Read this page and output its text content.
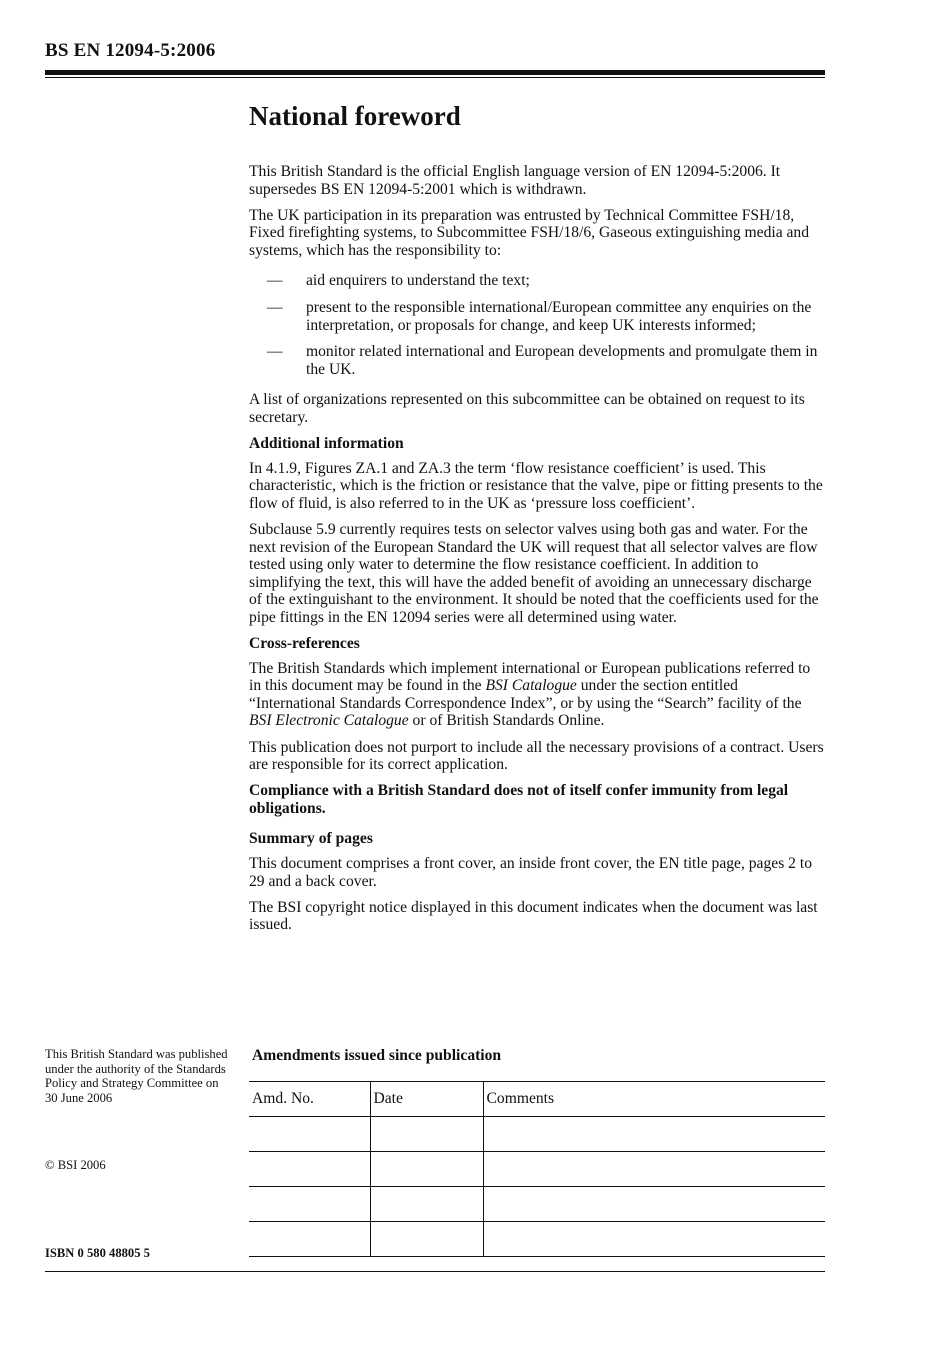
BS EN 12094-5:2006
National foreword

This British Standard is the official English language version of EN 12094-5:2006. It supersedes BS EN 12094-5:2001 which is withdrawn.

The UK participation in its preparation was entrusted by Technical Committee FSH/18, Fixed firefighting systems, to Subcommittee FSH/18/6, Gaseous extinguishing media and systems, which has the responsibility to:

— aid enquirers to understand the text;
— present to the responsible international/European committee any enquiries on the interpretation, or proposals for change, and keep UK interests informed;
— monitor related international and European developments and promulgate them in the UK.

A list of organizations represented on this subcommittee can be obtained on request to its secretary.

Additional information

In 4.1.9, Figures ZA.1 and ZA.3 the term ‘flow resistance coefficient’ is used. This characteristic, which is the friction or resistance that the valve, pipe or fitting presents to the flow of fluid, is also referred to in the UK as ‘pressure loss coefficient’.

Subclause 5.9 currently requires tests on selector valves using both gas and water. For the next revision of the European Standard the UK will request that all selector valves are flow tested using only water to determine the flow resistance coefficient. In addition to simplifying the text, this will have the added benefit of avoiding an unnecessary discharge of the extinguishant to the environment. It should be noted that the coefficients used for the pipe fittings in the EN 12094 series were all determined using water.

Cross-references

The British Standards which implement international or European publications referred to in this document may be found in the BSI Catalogue under the section entitled “International Standards Correspondence Index”, or by using the “Search” facility of the BSI Electronic Catalogue or of British Standards Online.

This publication does not purport to include all the necessary provisions of a contract. Users are responsible for its correct application.

Compliance with a British Standard does not of itself confer immunity from legal obligations.

Summary of pages

This document comprises a front cover, an inside front cover, the EN title page, pages 2 to 29 and a back cover.

The BSI copyright notice displayed in this document indicates when the document was last issued.

This British Standard was published under the authority of the Standards Policy and Strategy Committee on 30 June 2006
© BSI 2006
ISBN 0 580 48805 5
Amendments issued since publication
Amd. No.	Date	Comments
